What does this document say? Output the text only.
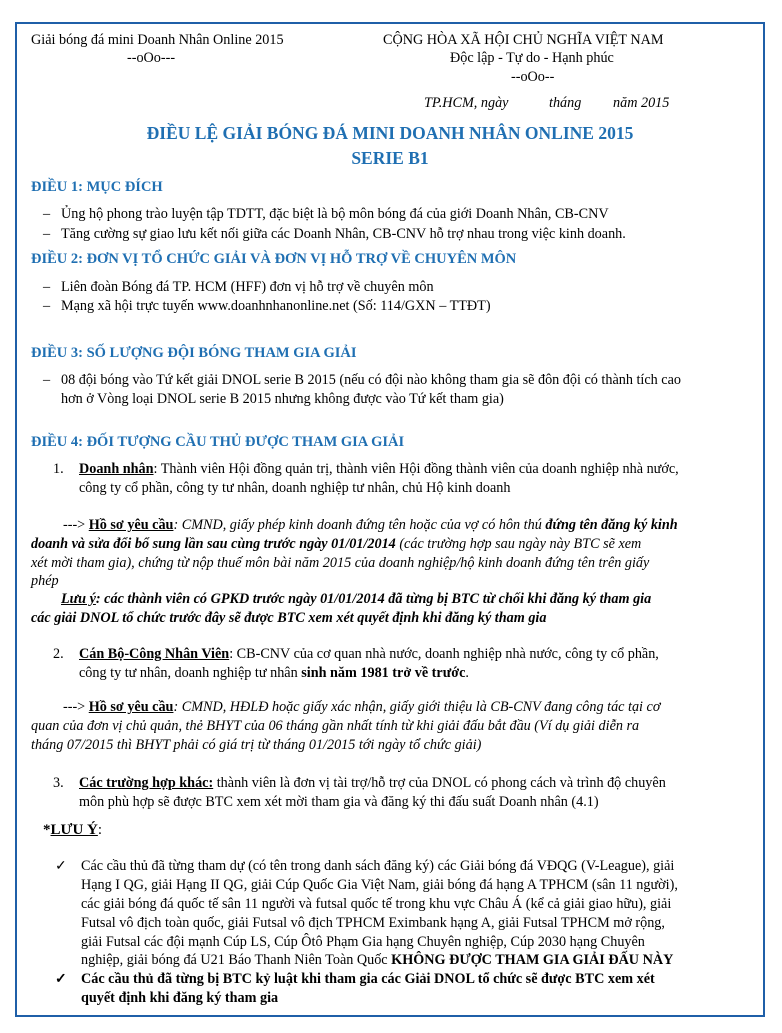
Giải bóng đá mini Doanh Nhân Online 2015
--oOo---
CỘNG HÒA XÃ HỘI CHỦ NGHĨA VIỆT NAM
Độc lập - Tự do - Hạnh phúc
--oOo--
TP.HCM, ngày	tháng năm 2015
ĐIỀU LỆ GIẢI BÓNG ĐÁ MINI DOANH NHÂN ONLINE 2015
SERIE B1
ĐIỀU 1: MỤC ĐÍCH
– Ủng hộ phong trào luyện tập TDTT, đặc biệt là bộ môn bóng đá của giới Doanh Nhân, CB-CNV
– Tăng cường sự giao lưu kết nối giữa các Doanh Nhân, CB-CNV hỗ trợ nhau trong việc kinh doanh.
ĐIỀU 2: ĐƠN VỊ TỔ CHỨC GIẢI VÀ ĐƠN VỊ HỖ TRỢ VỀ CHUYÊN MÔN
– Liên đoàn Bóng đá TP. HCM (HFF) đơn vị hỗ trợ về chuyên môn
– Mạng xã hội trực tuyến www.doanhnhanonline.net (Số: 114/GXN – TTĐT)
ĐIỀU 3: SỐ LƯỢNG ĐỘI BÓNG THAM GIA GIẢI
– 08 đội bóng vào Tứ kết giải DNOL serie B 2015 (nếu có đội nào không tham gia sẽ đôn đội có thành tích cao
hơn ở Vòng loại DNOL serie B 2015 nhưng không được vào Tứ kết tham gia)
ĐIỀU 4: ĐỐI TƯỢNG CẦU THỦ ĐƯỢC THAM GIA GIẢI
1. Doanh nhân: Thành viên Hội đồng quản trị, thành viên Hội đồng thành viên của doanh nghiệp nhà nước,
công ty cổ phần, công ty tư nhân, doanh nghiệp tư nhân, chủ Hộ kinh doanh
---> Hồ sơ yêu cầu: CMND, giấy phép kinh doanh đứng tên hoặc của vợ có hôn thú đứng tên đăng ký kinh
doanh và sửa đổi bổ sung lần sau cùng trước ngày 01/01/2014 (các trường hợp sau ngày này BTC sẽ xem
xét mời tham gia), chứng từ nộp thuế môn bài năm 2015 của doanh nghiệp/hộ kinh doanh đứng tên trên giấy
phép
Lưu ý: các thành viên có GPKD trước ngày 01/01/2014 đã từng bị BTC từ chối khi đăng ký tham gia
các giải DNOL tổ chức trước đây sẽ được BTC xem xét quyết định khi đăng ký tham gia
2. Cán Bộ-Công Nhân Viên: CB-CNV của cơ quan nhà nước, doanh nghiệp nhà nước, công ty cổ phần,
công ty tư nhân, doanh nghiệp tư nhân sinh năm 1981 trở về trước.
---> Hồ sơ yêu cầu: CMND, HĐLĐ hoặc giấy xác nhận, giấy giới thiệu là CB-CNV đang công tác tại cơ
quan của đơn vị chủ quản, thẻ BHYT của 06 tháng gần nhất tính từ khi giải đấu bắt đầu (Ví dụ giải diễn ra
tháng 07/2015 thì BHYT phải có giá trị từ tháng 01/2015 tới ngày tổ chức giải)
3. Các trường hợp khác: thành viên là đơn vị tài trợ/hỗ trợ của DNOL có phong cách và trình độ chuyên
môn phù hợp sẽ được BTC xem xét mời tham gia và đăng ký thi đấu suất Doanh nhân (4.1)
*LƯU Ý:
✓ Các cầu thủ đã từng tham dự (có tên trong danh sách đăng ký) các Giải bóng đá VĐQG (V-League), giải
Hạng I QG, giải Hạng II QG, giải Cúp Quốc Gia Việt Nam, giải bóng đá hạng A TPHCM (sân 11 người),
các giải bóng đá quốc tế sân 11 người và futsal quốc tế trong khu vực Châu Á (kể cả giải giao hữu), giải
Futsal vô địch toàn quốc, giải Futsal vô địch TPHCM Eximbank hạng A, giải Futsal TPHCM mở rộng,
giải Futsal các đội mạnh Cúp LS, Cúp Ôtô Phạm Gia hạng Chuyên nghiệp, Cúp 2030 hạng Chuyên
nghiệp, giải bóng đá U21 Báo Thanh Niên Toàn Quốc KHÔNG ĐƯỢC THAM GIA GIẢI ĐẤU NÀY
✓ Các cầu thủ đã từng bị BTC kỷ luật khi tham gia các Giải DNOL tổ chức sẽ được BTC xem xét
quyết định khi đăng ký tham gia
